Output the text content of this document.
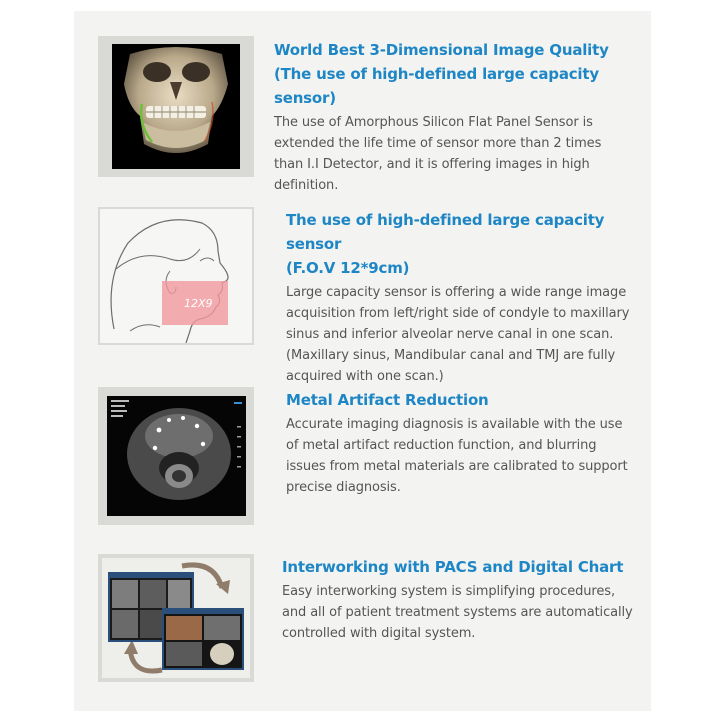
World Best 3-Dimensional Image Quality

(The use of high-defined large capacity sensor)

The use of Amorphous Silicon Flat Panel Sensor is extended the life time of sensor more than 2 times than I.I Detector, and it is offering images in high definition.

12X9

The use of high-defined large capacity sensor

(F.O.V 12*9cm)

Large capacity sensor is offering a wide range image acquisition from left/right side of condyle to maxillary sinus and inferior alveolar nerve canal in one scan. (Maxillary sinus, Mandibular canal and TMJ are fully acquired with one scan.)

Metal Artifact Reduction

Accurate imaging diagnosis is available with the use of metal artifact reduction function, and blurring issues from metal materials are calibrated to support precise diagnosis.

Interworking with PACS and Digital Chart

Easy interworking system is simplifying procedures, and all of patient treatment systems are automatically controlled with digital system.
